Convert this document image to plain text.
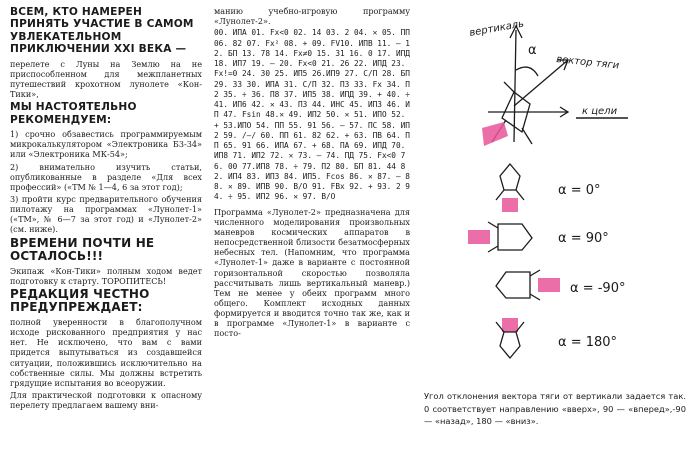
ВСЕМ, КТО НАМЕРЕН ПРИНЯТЬ УЧАСТИЕ В САМОМ УВЛЕКАТЕЛЬНОМ ПРИКЛЮЧЕНИИ XXI ВЕКА —

перелете с Луны на Землю на не приспособленном для межпланетных путешествий крохотном лунолете «Кон-Тики»,

МЫ НАСТОЯТЕЛЬНО РЕКОМЕНДУЕМ:

1) срочно обзавестись программируемым микрокалькулятором «Электроника Б3-34» или «Электроника МК-54»;

2) внимательно изучить статьи, опубликованные в разделе «Для всех профессий» («ТМ № 1—4, 6 за этот год);

3) пройти курс предварительного обучения пилотажу на программах «Лунолет-1» («ТМ», № 6—7 за этот год) и «Лунолет-2» (см. ниже).

ВРЕМЕНИ ПОЧТИ НЕ ОСТАЛОСЬ!!!

Экипаж «Кон-Тики» полным ходом ведет подготовку к старту. ТОРОПИТЕСЬ!

РЕДАКЦИЯ ЧЕСТНО ПРЕДУПРЕЖДАЕТ:

полной уверенности в благополучном исходе рискованного предприятия у нас нет. Не исключено, что вам с вами придется выпутываться из создавшейся ситуации, положившись исключительно на собственные силы. Мы должны встретить грядущие испытания во всеоружии.

Для практической подготовки к опасному перелету предлагаем вашему вни-

манию учебно-игровую программу «Лунолет-2».

00. ИПА 01. Fx<0 02. 14 03. 2 04. ✕ 05. ПП 06. 82 07. Fx² 08. + 09. FV10. ИПВ 11. — 12. БП 13. 78 14. Fx≠0 15. 31 16. 0 17. ИПД 18. ИП7 19. — 20. Fx<0 21. 26 22. ИПД 23. Fx!=0 24. 30 25. ИП5 26.ИП9 27. С/П 28. БП 29. 33 30. ИПА 31. С/П 32. П3 33. Fx 34. П2 35. ÷ 36. П8 37. ИП5 38. ИПД 39. + 40. ÷ 41. ИП6 42. ✕ 43. П3 44. ИНС 45. ИПЗ 46. ИП 47. Fsin 48.✕ 49. ИП2 50. ✕ 51. ИПО 52. + 53.ИПО 54. ПП 55. 91 56. — 57. ПС 58. ИП2 59. /—/ 60. ПП 61. 82 62. + 63. ПВ 64. ПП 65. 91 66. ИПА 67. + 68. ПА 69. ИПД 70. ИП8 71. ИП2 72. ✕ 73. — 74. ПД 75. Fx<0 76. 00 77.ИП8 78. ÷ 79. П2 80. БП 81. 44 82. ИП4 83. ИП3 84. ИП5. Fcos 86. ✕ 87. — 88. ✕ 89. ИПВ 90. В/О 91. FВх 92. + 93. 2 94. ÷ 95. ИП2 96. ✕ 97. В/О

Программа «Лунолет-2» предназначена для численного моделирования произвольных маневров космических аппаратов в непосредственной близости безатмосферных небесных тел. (Напомним, что программа «Лунолет-1» даже в варианте с постоянной горизонтальной скоростью позволяла рассчитывать лишь вертикальный маневр.) Тем не менее у обеих программ много общего. Комплект исходных данных формируется и вводится точно так же, как и в программе «Лунолет-1» в варианте с посто-

вертикаль
вектор тяги
α
к цели
α = 0°
α = 90°
α = -90°
α = 180°

Угол отклонения вектора тяги от вертикали задается так. 0 соответствует направлению «вверх», 90 — «вперед»,-90 — «назад», 180 — «вниз».
